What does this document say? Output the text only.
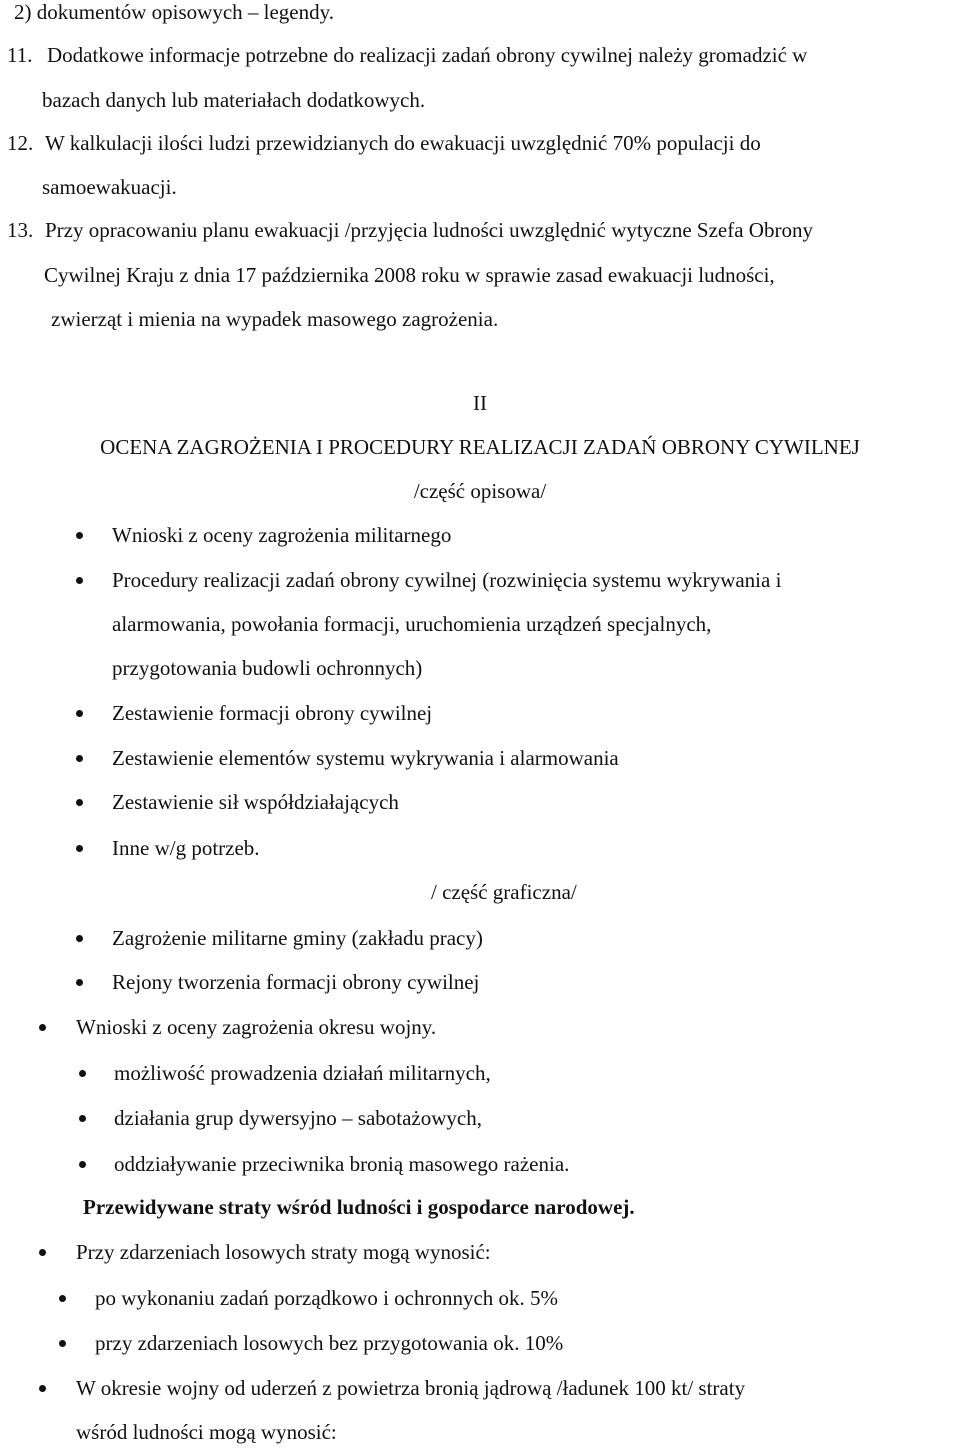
2) dokumentów opisowych – legendy.
11. Dodatkowe informacje potrzebne do realizacji zadań obrony cywilnej należy gromadzić w
bazach danych lub materiałach dodatkowych.
12. W kalkulacji ilości ludzi przewidzianych do ewakuacji uwzględnić 70% populacji do
samoewakuacji.
13. Przy opracowaniu planu ewakuacji /przyjęcia ludności uwzględnić wytyczne Szefa Obrony
Cywilnej Kraju z dnia 17 października 2008 roku w sprawie zasad ewakuacji ludności,
zwierząt i mienia na wypadek masowego zagrożenia.
II
OCENA ZAGROŻENIA I PROCEDURY REALIZACJI ZADAŃ OBRONY CYWILNEJ
/część opisowa/
Wnioski z oceny zagrożenia militarnego
Procedury realizacji zadań obrony cywilnej (rozwinięcia systemu wykrywania i
alarmowania, powołania formacji, uruchomienia urządzeń specjalnych,
przygotowania budowli ochronnych)
Zestawienie formacji obrony cywilnej
Zestawienie elementów systemu wykrywania i alarmowania
Zestawienie sił współdziałających
Inne w/g potrzeb.
/ część graficzna/
Zagrożenie militarne gminy (zakładu pracy)
Rejony tworzenia formacji obrony cywilnej
Wnioski z oceny zagrożenia okresu wojny.
możliwość prowadzenia działań militarnych,
działania grup dywersyjno – sabotażowych,
oddziaływanie przeciwnika bronią masowego rażenia.
Przewidywane straty wśród ludności i gospodarce narodowej.
Przy zdarzeniach losowych straty mogą wynosić:
po wykonaniu zadań porządkowo i ochronnych ok. 5%
przy zdarzeniach losowych bez przygotowania ok. 10%
W okresie wojny od uderzeń z powietrza bronią jądrową /ładunek 100 kt/ straty
wśród ludności mogą wynosić:
